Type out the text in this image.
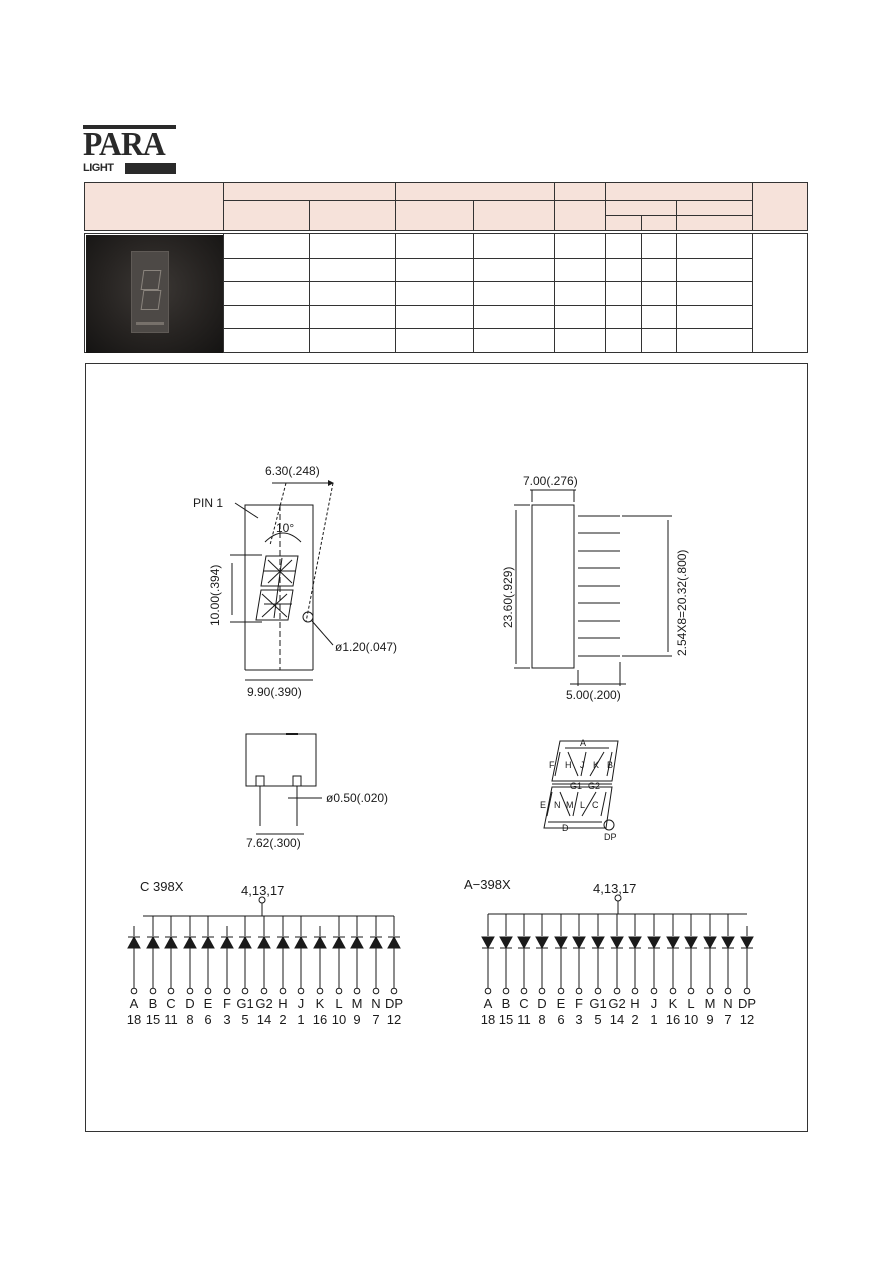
PARA
LIGHT
6.30(.248)
PIN 1
10°
10.00(.394)
ø1.20(.047)
9.90(.390)
7.00(.276)
23.60(.929)	2.54X8=20.32(.800)
5.00(.200)
ø0.50(.020)
7.62(.300)
A
F H J K B
G1 G2
E N M L C
D
DP
C 398X	4,13,17	A−398X	4,13,17
A
18
B
15
C
11
D
8
E
6
F
3
G1
5
G2
14
H
2
J
1
K
16
L
10
M
9
N
7
DP
12
A
18
B
15
C
11
D
8
E
6
F
3
G1
5
G2
14
H
2
J
1
K
16
L
10
M
9
N
7
DP
12
